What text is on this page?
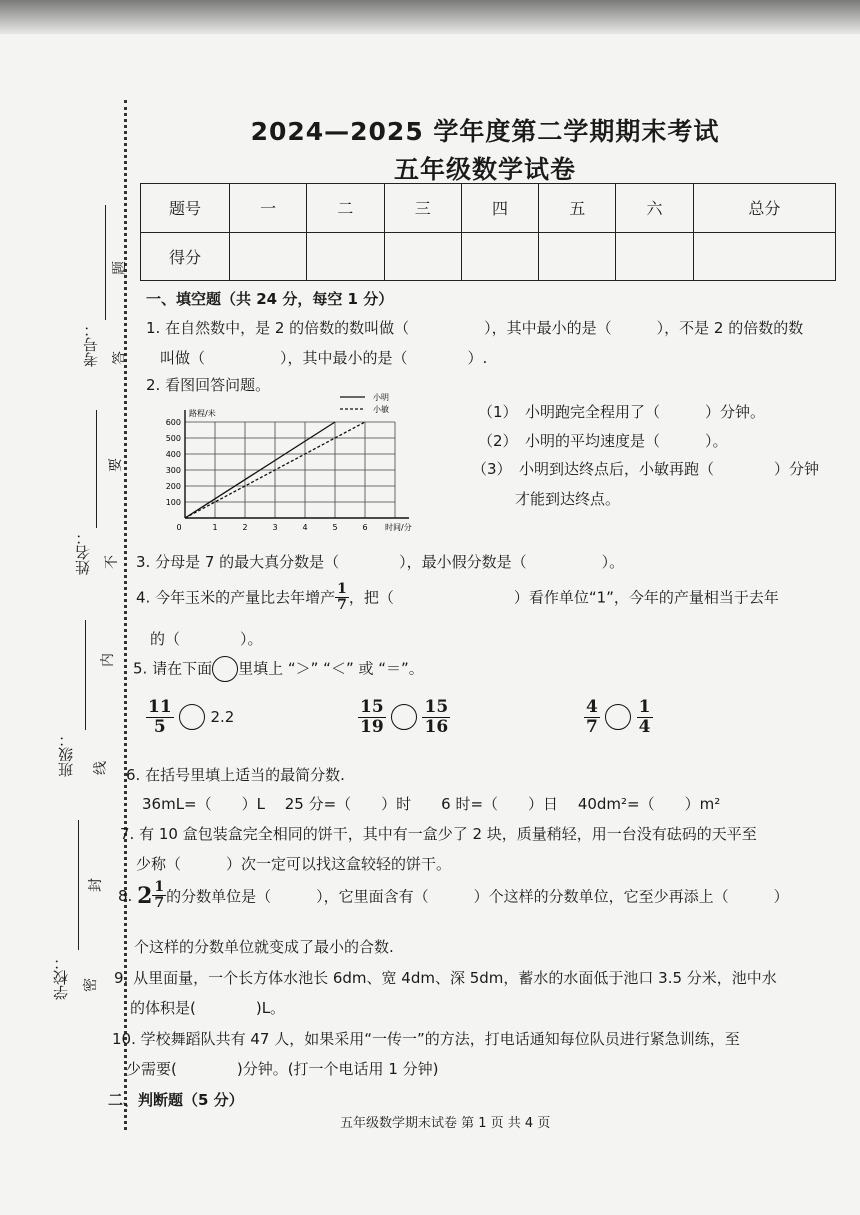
考号：
姓名：
班级：
学校：
题
答
要
不
内
线
封
密
2024—2025 学年度第二学期期末考试
五年级数学试卷
题号	一	二	三	四	五	六	总分
得分							
一、填空题（共 24 分，每空 1 分）
1. 在自然数中，是 2 的倍数的数叫做（　　　　　），其中最小的是（　　　），不是 2 的倍数的数
叫做（　　　　　），其中最小的是（　　　　）.
2. 看图回答问题。
100
200
300
400
500
600
0	1	2	3	4	5	6
路程/米
时间/分
小明
小敏	（1）　小明跑完全程用了（　　　）分钟。
（2）　小明的平均速度是（　　　）。
（3）　小明到达终点后，小敏再跑（　　　　）分钟
才能到达终点。
3. 分母是 7 的最大真分数是（　　　　），最小假分数是（　　　　　）。
4. 今年玉米的产量比去年增产 $\frac{1}{7}$ ，把（　　　　　　　　）看作单位“1”，今年的产量相当于去年
的（　　　　）。
5. 请在下面 里填上 “＞” “＜” 或 “＝”。
$\frac{11}{5} 2.2$	$\frac{15}{19}$
$\frac{15}{16}$	$\frac{4}{7}$
$\frac{1}{4}$
6. 在括号里填上适当的最简分数.
36mL=（　　）L　 25 分=（　　）时　　6 时=（　　）日　 40dm²=（　　）m²
7. 有 10 盒包装盒完全相同的饼干，其中有一盒少了 2 块，质量稍轻，用一台没有砝码的天平至
少称（　　　）次一定可以找这盒较轻的饼干。
8. $2 \frac{1}{7}$ 的分数单位是（　　　），它里面含有（　　　）个这样的分数单位，它至少再添上（　　　）
个这样的分数单位就变成了最小的合数.
9. 从里面量，一个长方体水池长 6dm、宽 4dm、深 5dm，蓄水的水面低于池口 3.5 分米，池中水
的体积是(　　　　)L。
10. 学校舞蹈队共有 47 人，如果采用“一传一”的方法，打电话通知每位队员进行紧急训练，至
少需要(　　　　)分钟。(打一个电话用 1 分钟)
二、判断题（5 分）
五年级数学期末试卷 第 1 页 共 4 页
